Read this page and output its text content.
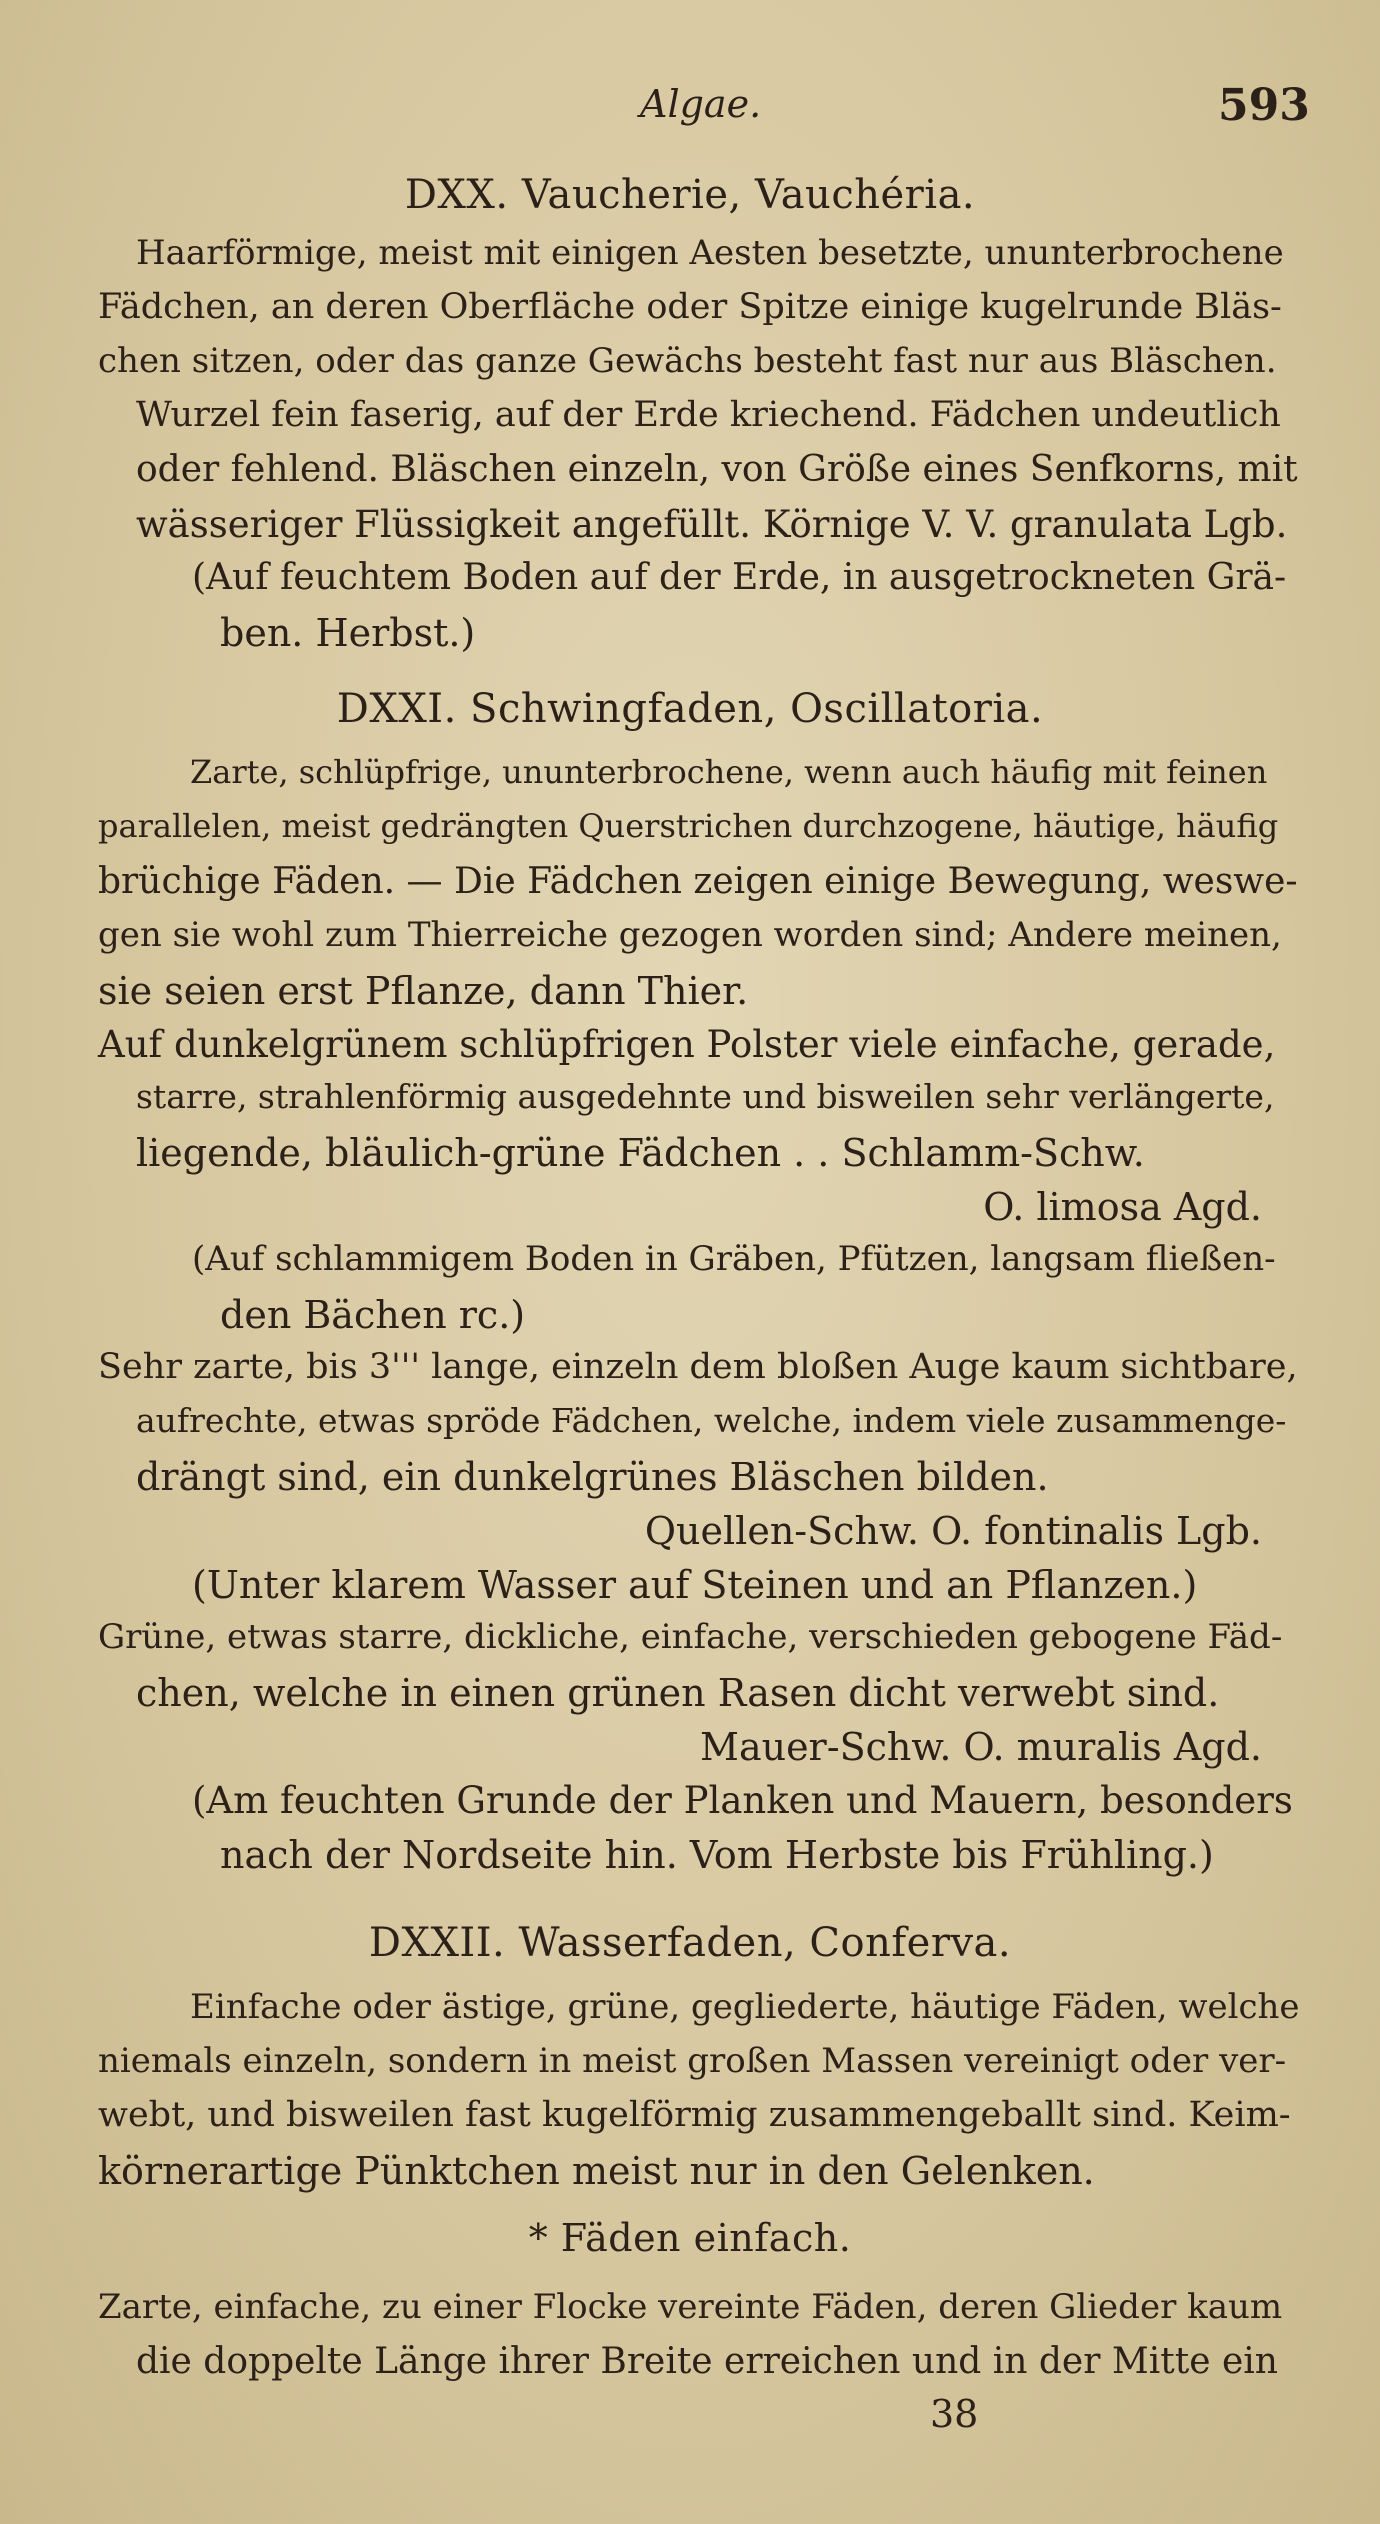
Algae.	593
DXX. Vaucherie, Vauchéria.
Haarförmige, meist mit einigen Aesten besetzte, ununterbrochene
Fädchen, an deren Oberfläche oder Spitze einige kugelrunde Bläs-
chen sitzen, oder das ganze Gewächs besteht fast nur aus Bläschen.
Wurzel fein faserig, auf der Erde kriechend. Fädchen undeutlich
oder fehlend. Bläschen einzeln, von Größe eines Senfkorns, mit
wässeriger Flüssigkeit angefüllt. Körnige V. V. granulata Lgb.
(Auf feuchtem Boden auf der Erde, in ausgetrockneten Grä-
ben. Herbst.)
DXXI. Schwingfaden, Oscillatoria.
Zarte, schlüpfrige, ununterbrochene, wenn auch häufig mit feinen
parallelen, meist gedrängten Querstrichen durchzogene, häutige, häufig
brüchige Fäden. — Die Fädchen zeigen einige Bewegung, weswe-
gen sie wohl zum Thierreiche gezogen worden sind; Andere meinen,
sie seien erst Pflanze, dann Thier.
Auf dunkelgrünem schlüpfrigen Polster viele einfache, gerade,
starre, strahlenförmig ausgedehnte und bisweilen sehr verlängerte,
liegende, bläulich-grüne Fädchen . . Schlamm-Schw.
O. limosa Agd.
(Auf schlammigem Boden in Gräben, Pfützen, langsam fließen-
den Bächen rc.)
Sehr zarte, bis 3''' lange, einzeln dem bloßen Auge kaum sichtbare,
aufrechte, etwas spröde Fädchen, welche, indem viele zusammenge-
drängt sind, ein dunkelgrünes Bläschen bilden.
Quellen-Schw. O. fontinalis Lgb.
(Unter klarem Wasser auf Steinen und an Pflanzen.)
Grüne, etwas starre, dickliche, einfache, verschieden gebogene Fäd-
chen, welche in einen grünen Rasen dicht verwebt sind.
Mauer-Schw. O. muralis Agd.
(Am feuchten Grunde der Planken und Mauern, besonders
nach der Nordseite hin. Vom Herbste bis Frühling.)
DXXII. Wasserfaden, Conferva.
Einfache oder ästige, grüne, gegliederte, häutige Fäden, welche
niemals einzeln, sondern in meist großen Massen vereinigt oder ver-
webt, und bisweilen fast kugelförmig zusammengeballt sind. Keim-
körnerartige Pünktchen meist nur in den Gelenken.
* Fäden einfach.
Zarte, einfache, zu einer Flocke vereinte Fäden, deren Glieder kaum
die doppelte Länge ihrer Breite erreichen und in der Mitte ein
38
